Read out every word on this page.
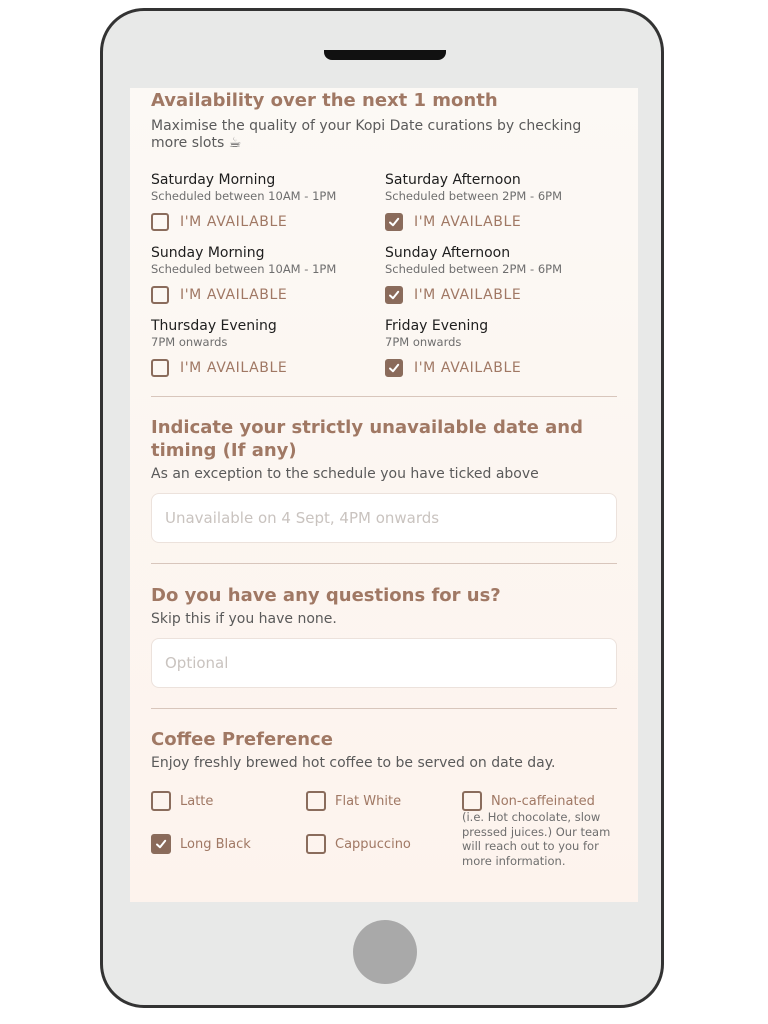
Availability over the next 1 month

Maximise the quality of your Kopi Date curations by checking more slots ☕

Saturday Morning
Scheduled between 10AM - 1PM
I'M AVAILABLE
Saturday Afternoon
Scheduled between 2PM - 6PM
I'M AVAILABLE
Sunday Morning
Scheduled between 10AM - 1PM
I'M AVAILABLE
Sunday Afternoon
Scheduled between 2PM - 6PM
I'M AVAILABLE
Thursday Evening
7PM onwards
I'M AVAILABLE
Friday Evening
7PM onwards
I'M AVAILABLE
Indicate your strictly unavailable date and timing (If any)

As an exception to the schedule you have ticked above

Unavailable on 4 Sept, 4PM onwards
Do you have any questions for us?

Skip this if you have none.

Optional
Coffee Preference

Enjoy freshly brewed hot coffee to be served on date day.

Latte	Flat White	Non-caffeinated
(i.e. Hot chocolate, slow pressed juices.) Our team will reach out to you for more information.
Long Black	Cappuccino
